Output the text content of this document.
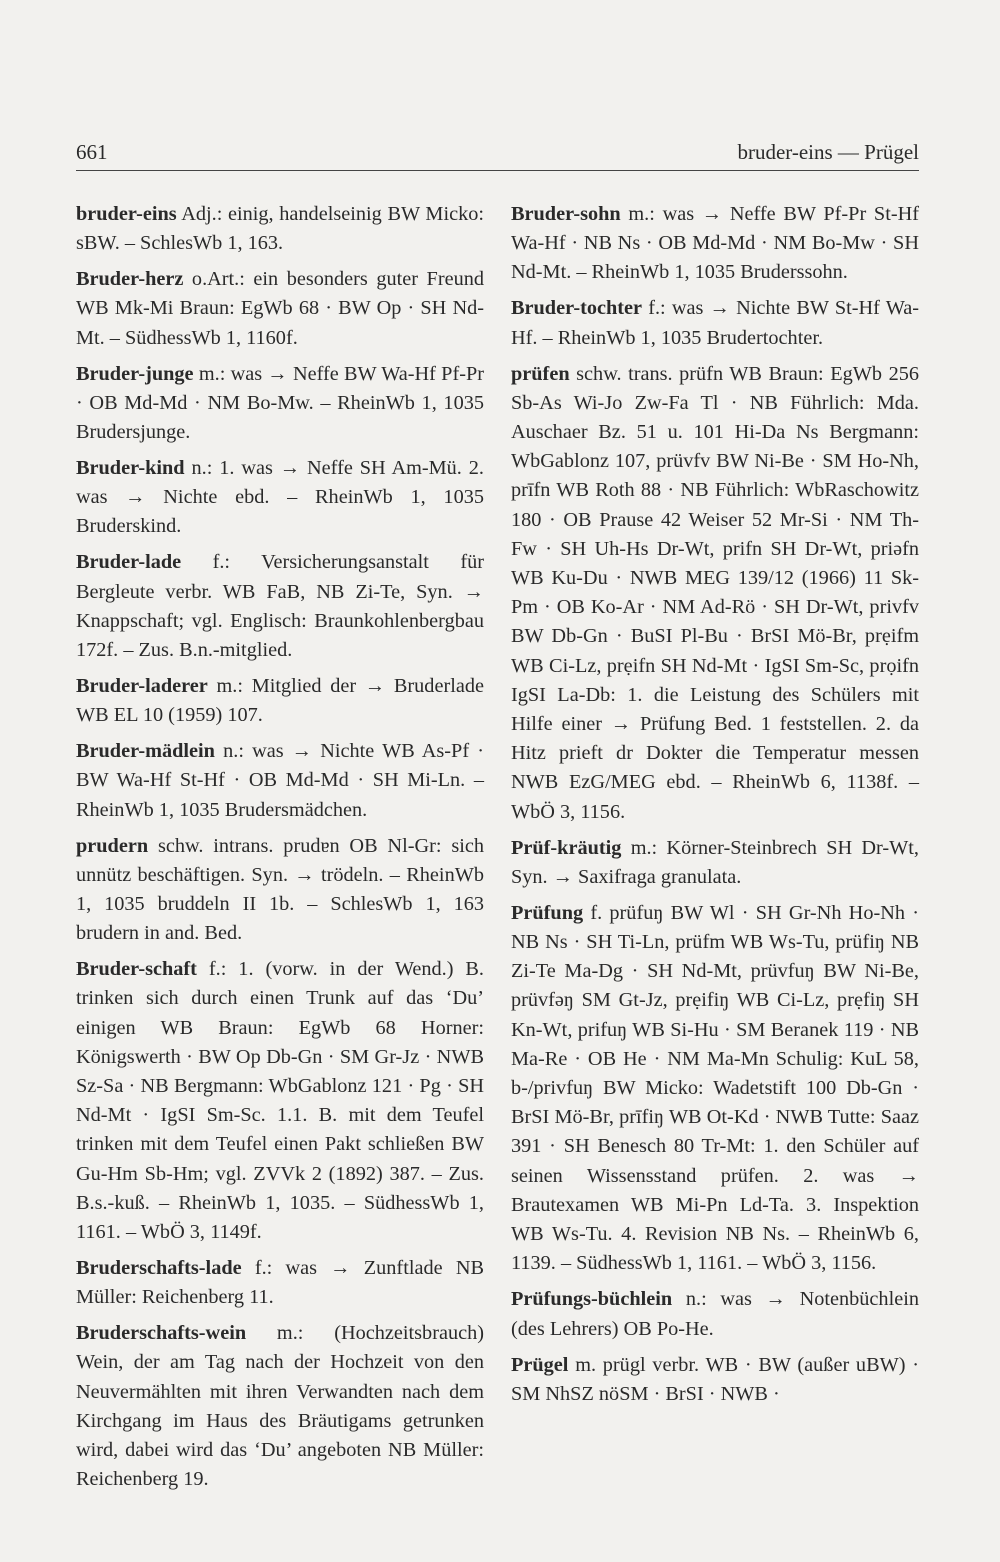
661	bruder-eins — Prügel

bruder-eins Adj.: einig, handelseinig BW Micko: sBW. – SchlesWb 1, 163.

Bruder-herz o.Art.: ein besonders guter Freund WB Mk-Mi Braun: EgWb 68 · BW Op · SH Nd-Mt. – SüdhessWb 1, 1160f.

Bruder-junge m.: was → Neffe BW Wa-Hf Pf-Pr · OB Md-Md · NM Bo-Mw. – RheinWb 1, 1035 Brudersjunge.

Bruder-kind n.: 1. was → Neffe SH Am-Mü. 2. was → Nichte ebd. – RheinWb 1, 1035 Bruderskind.

Bruder-lade f.: Versicherungsanstalt für Bergleute verbr. WB FaB, NB Zi-Te, Syn. → Knappschaft; vgl. Englisch: Braunkohlenbergbau 172f. – Zus. B.n.-mitglied.

Bruder-laderer m.: Mitglied der → Bruderlade WB EL 10 (1959) 107.

Bruder-mädlein n.: was → Nichte WB As-Pf · BW Wa-Hf St-Hf · OB Md-Md · SH Mi-Ln. – RheinWb 1, 1035 Brudersmädchen.

prudern schw. intrans. prudɐn OB Nl-Gr: sich unnütz beschäftigen. Syn. → trödeln. – RheinWb 1, 1035 bruddeln II 1b. – SchlesWb 1, 163 brudern in and. Bed.

Bruder-schaft f.: 1. (vorw. in der Wend.) B. trinken sich durch einen Trunk auf das ‘Du’ einigen WB Braun: EgWb 68 Horner: Königswerth · BW Op Db-Gn · SM Gr-Jz · NWB Sz-Sa · NB Bergmann: WbGablonz 121 · Pg · SH Nd-Mt · IgSI Sm-Sc. 1.1. B. mit dem Teufel trinken mit dem Teufel einen Pakt schließen BW Gu-Hm Sb-Hm; vgl. ZVVk 2 (1892) 387. – Zus. B.s.-kuß. – RheinWb 1, 1035. – SüdhessWb 1, 1161. – WbÖ 3, 1149f.

Bruderschafts-lade f.: was → Zunftlade NB Müller: Reichenberg 11.

Bruderschafts-wein m.: (Hochzeitsbrauch) Wein, der am Tag nach der Hochzeit von den Neuvermählten mit ihren Verwandten nach dem Kirchgang im Haus des Bräutigams getrunken wird, dabei wird das ‘Du’ angeboten NB Müller: Reichenberg 19.

Bruder-sohn m.: was → Neffe BW Pf-Pr St-Hf Wa-Hf · NB Ns · OB Md-Md · NM Bo-Mw · SH Nd-Mt. – RheinWb 1, 1035 Bruderssohn.

Bruder-tochter f.: was → Nichte BW St-Hf Wa-Hf. – RheinWb 1, 1035 Brudertochter.

prüfen schw. trans. prüfn WB Braun: EgWb 256 Sb-As Wi-Jo Zw-Fa Tl · NB Führlich: Mda. Auschaer Bz. 51 u. 101 Hi-Da Ns Bergmann: WbGablonz 107, prüvfv BW Ni-Be · SM Ho-Nh, prīfn WB Roth 88 · NB Führlich: WbRaschowitz 180 · OB Prause 42 Weiser 52 Mr-Si · NM Th-Fw · SH Uh-Hs Dr-Wt, prifn SH Dr-Wt, priəfn WB Ku-Du · NWB MEG 139/12 (1966) 11 Sk-Pm · OB Ko-Ar · NM Ad-Rö · SH Dr-Wt, privfv BW Db-Gn · BuSI Pl-Bu · BrSI Mö-Br, prẹifm WB Ci-Lz, prẹifn SH Nd-Mt · IgSI Sm-Sc, prọifn IgSI La-Db: 1. die Leistung des Schülers mit Hilfe einer → Prüfung Bed. 1 feststellen. 2. da Hitz prieft dr Dokter die Temperatur messen NWB EzG/MEG ebd. – RheinWb 6, 1138f. – WbÖ 3, 1156.

Prüf-kräutig m.: Körner-Steinbrech SH Dr-Wt, Syn. → Saxifraga granulata.

Prüfung f. prüfuŋ BW Wl · SH Gr-Nh Ho-Nh · NB Ns · SH Ti-Ln, prüfm WB Ws-Tu, prüfiŋ NB Zi-Te Ma-Dg · SH Nd-Mt, prüvfuŋ BW Ni-Be, prüvfəŋ SM Gt-Jz, prẹifiŋ WB Ci-Lz, prẹfiŋ SH Kn-Wt, prifuŋ WB Si-Hu · SM Beranek 119 · NB Ma-Re · OB He · NM Ma-Mn Schulig: KuL 58, b-/privfuŋ BW Micko: Wadetstift 100 Db-Gn · BrSI Mö-Br, prīfiŋ WB Ot-Kd · NWB Tutte: Saaz 391 · SH Benesch 80 Tr-Mt: 1. den Schüler auf seinen Wissensstand prüfen. 2. was → Brautexamen WB Mi-Pn Ld-Ta. 3. Inspektion WB Ws-Tu. 4. Revision NB Ns. – RheinWb 6, 1139. – SüdhessWb 1, 1161. – WbÖ 3, 1156.

Prüfungs-büchlein n.: was → Notenbüchlein (des Lehrers) OB Po-He.

Prügel m. prügl verbr. WB · BW (außer uBW) · SM NhSZ nöSM · BrSI · NWB ·
